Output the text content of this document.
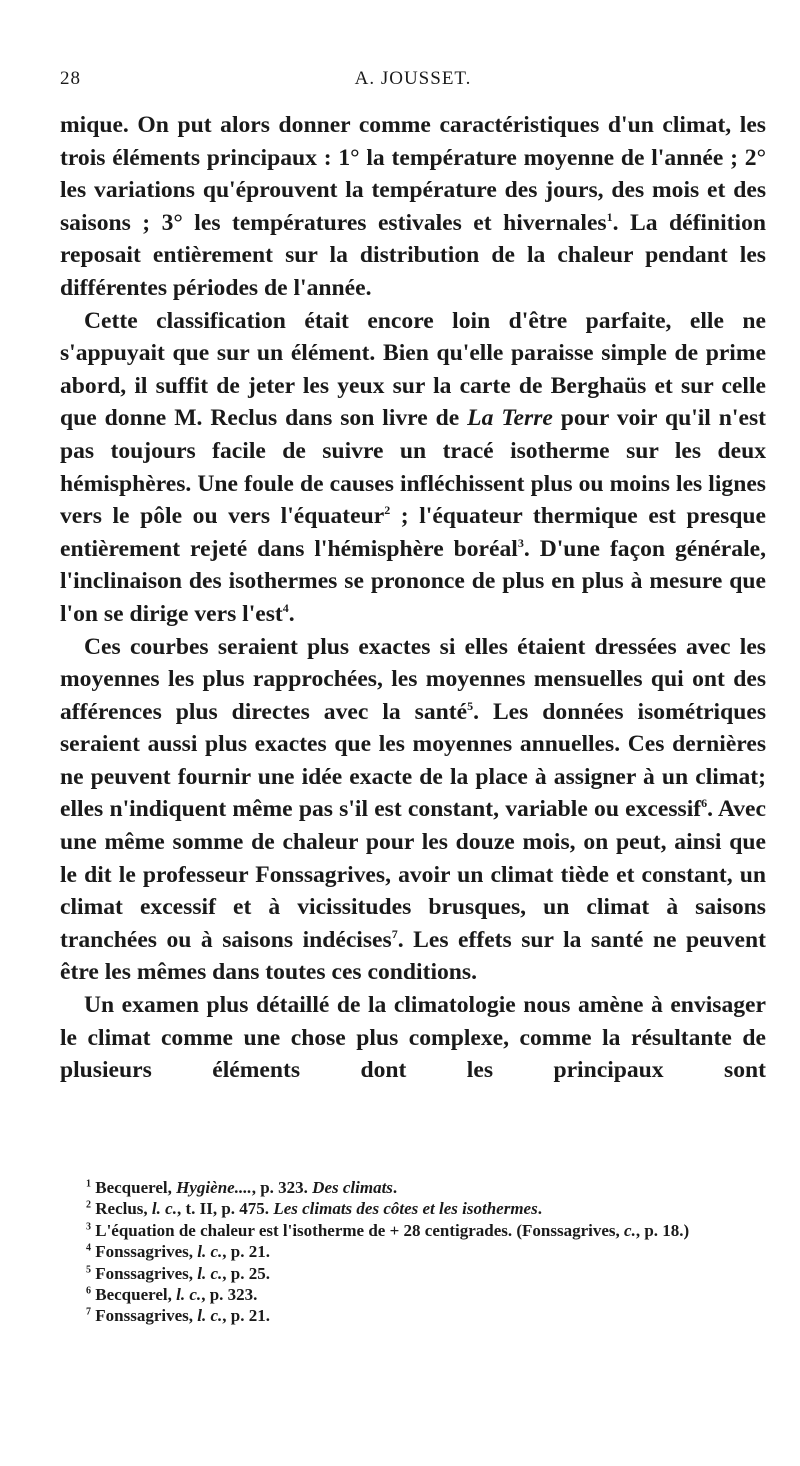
28	A. JOUSSET.

mique. On put alors donner comme caractéristiques d'un climat, les trois éléments principaux : 1° la température moyenne de l'année ; 2° les variations qu'éprouvent la température des jours, des mois et des saisons ; 3° les températures estivales et hivernales$^1$. La définition reposait entièrement sur la distribution de la chaleur pendant les différentes périodes de l'année.

Cette classification était encore loin d'être parfaite, elle ne s'appuyait que sur un élément. Bien qu'elle paraisse simple de prime abord, il suffit de jeter les yeux sur la carte de Berghaüs et sur celle que donne M. Reclus dans son livre de La Terre pour voir qu'il n'est pas toujours facile de suivre un tracé isotherme sur les deux hémisphères. Une foule de causes infléchissent plus ou moins les lignes vers le pôle ou vers l'équateur$^2$ ; l'équateur thermique est presque entièrement rejeté dans l'hémisphère boréal$^3$. D'une façon générale, l'inclinaison des isothermes se prononce de plus en plus à mesure que l'on se dirige vers l'est$^4$.

Ces courbes seraient plus exactes si elles étaient dressées avec les moyennes les plus rapprochées, les moyennes mensuelles qui ont des afférences plus directes avec la santé$^5$. Les données isométriques seraient aussi plus exactes que les moyennes annuelles. Ces dernières ne peuvent fournir une idée exacte de la place à assigner à un climat; elles n'indiquent même pas s'il est constant, variable ou excessif$^6$. Avec une même somme de chaleur pour les douze mois, on peut, ainsi que le dit le professeur Fonssagrives, avoir un climat tiède et constant, un climat excessif et à vicissitudes brusques, un climat à saisons tranchées ou à saisons indécises$^7$. Les effets sur la santé ne peuvent être les mêmes dans toutes ces conditions.

Un examen plus détaillé de la climatologie nous amène à envisager le climat comme une chose plus complexe, comme la résultante de plusieurs éléments dont les principaux sont

$^1$ Becquerel, Hygiène...., p. 323. Des climats.

$^2$ Reclus, l. c., t. II, p. 475. Les climats des côtes et les isothermes.

$^3$ L'équation de chaleur est l'isotherme de + 28 centigrades. (Fonssagrives, c., p. 18.)

$^4$ Fonssagrives, l. c., p. 21.

$^5$ Fonssagrives, l. c., p. 25.

$^6$ Becquerel, l. c., p. 323.

$^7$ Fonssagrives, l. c., p. 21.
